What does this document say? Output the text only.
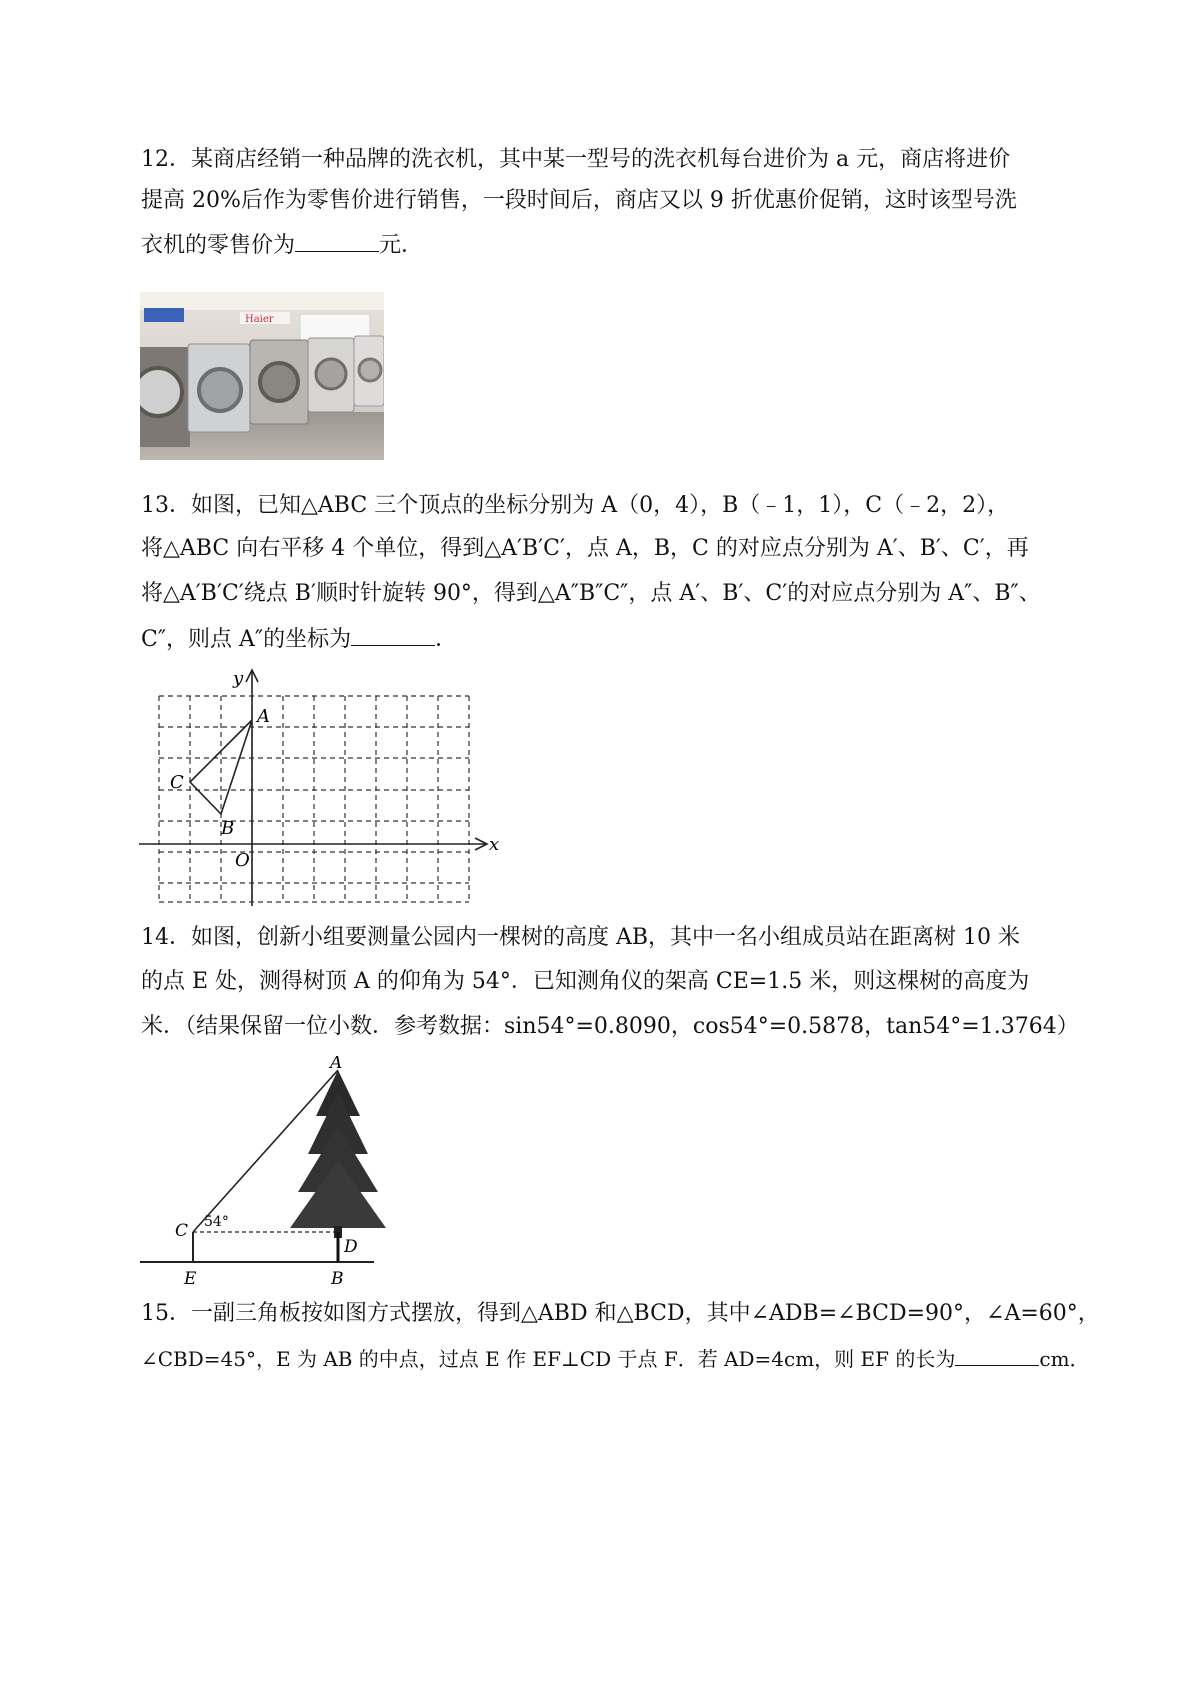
12．某商店经销一种品牌的洗衣机，其中某一型号的洗衣机每台进价为 a 元，商店将进价
提高 20%后作为零售价进行销售，一段时间后，商店又以 9 折优惠价促销，这时该型号洗
衣机的零售价为	元．
Haier
13．如图，已知△ABC 三个顶点的坐标分别为 A（0，4），B（﹣1，1），C（﹣2，2），
将△ABC 向右平移 4 个单位，得到△A′B′C′，点 A，B，C 的对应点分别为 A′、B′、C′，再
将△A′B′C′绕点 B′顺时针旋转 90°，得到△A″B″C″，点 A′、B′、C′的对应点分别为 A″、B″、
C″，则点 A″的坐标为	．
y
x
O
A
B
C
14．如图，创新小组要测量公园内一棵树的高度 AB，其中一名小组成员站在距离树 10 米
的点 E 处，测得树顶 A 的仰角为 54°．已知测角仪的架高 CE=1.5 米，则这棵树的高度为
米．（结果保留一位小数．参考数据：sin54°=0.8090，cos54°=0.5878，tan54°=1.3764）
A
C 54°
D
E	B
15．一副三角板按如图方式摆放，得到△ABD 和△BCD，其中∠ADB=∠BCD=90°，∠A=60°，
∠CBD=45°，E 为 AB 的中点，过点 E 作 EF⊥CD 于点 F．若 AD=4cm，则 EF 的长为	cm．
